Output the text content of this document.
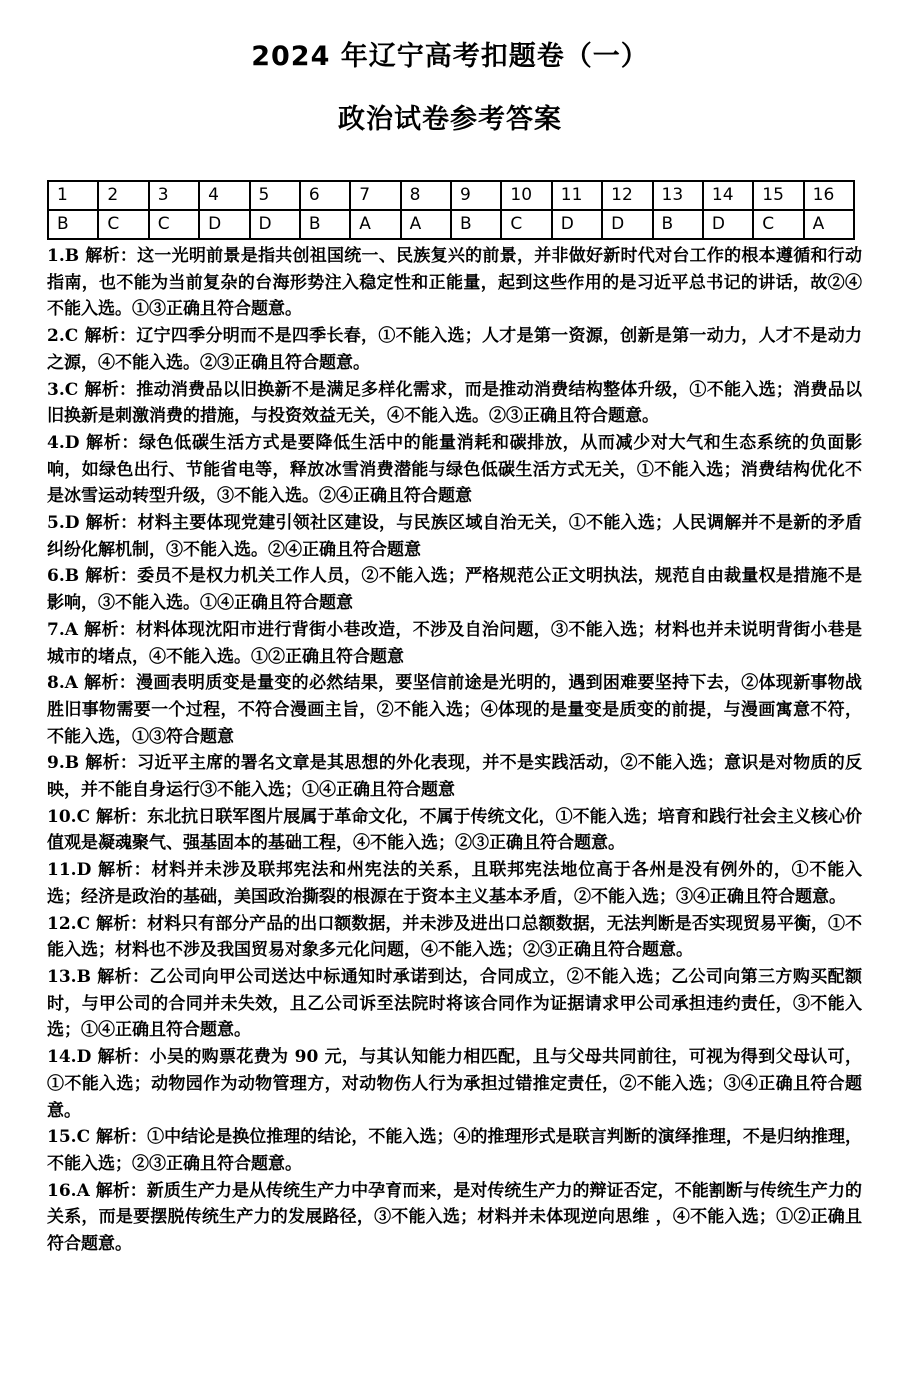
2024 年辽宁高考扣题卷（一）
政治试卷参考答案
1	2	3	4	5	6	7	8	9	10	11	12	13	14	15	16
B	C	C	D	D	B	A	A	B	C	D	D	B	D	C	A

1.B 解析：这一光明前景是指共创祖国统一、民族复兴的前景，并非做好新时代对台工作的根本遵循和行动指南，也不能为当前复杂的台海形势注入稳定性和正能量，起到这些作用的是习近平总书记的讲话，故②④不能入选。①③正确且符合题意。

2.C 解析：辽宁四季分明而不是四季长春，①不能入选；人才是第一资源，创新是第一动力，人才不是动力之源，④不能入选。②③正确且符合题意。

3.C 解析：推动消费品以旧换新不是满足多样化需求，而是推动消费结构整体升级，①不能入选；消费品以旧换新是刺激消费的措施，与投资效益无关，④不能入选。②③正确且符合题意。

4.D 解析：绿色低碳生活方式是要降低生活中的能量消耗和碳排放，从而减少对大气和生态系统的负面影响，如绿色出行、节能省电等，释放冰雪消费潜能与绿色低碳生活方式无关，①不能入选；消费结构优化不是冰雪运动转型升级，③不能入选。②④正确且符合题意

5.D 解析：材料主要体现党建引领社区建设，与民族区域自治无关，①不能入选；人民调解并不是新的矛盾纠纷化解机制，③不能入选。②④正确且符合题意

6.B 解析：委员不是权力机关工作人员，②不能入选；严格规范公正文明执法，规范自由裁量权是措施不是影响，③不能入选。①④正确且符合题意

7.A 解析：材料体现沈阳市进行背街小巷改造，不涉及自治问题，③不能入选；材料也并未说明背街小巷是城市的堵点，④不能入选。①②正确且符合题意

8.A 解析：漫画表明质变是量变的必然结果，要坚信前途是光明的，遇到困难要坚持下去，②体现新事物战胜旧事物需要一个过程，不符合漫画主旨，②不能入选；④体现的是量变是质变的前提，与漫画寓意不符，不能入选，①③符合题意

9.B 解析：习近平主席的署名文章是其思想的外化表现，并不是实践活动，②不能入选；意识是对物质的反映，并不能自身运行③不能入选；①④正确且符合题意

10.C 解析：东北抗日联军图片展属于革命文化，不属于传统文化，①不能入选；培育和践行社会主义核心价值观是凝魂聚气、强基固本的基础工程，④不能入选；②③正确且符合题意。

11.D 解析：材料并未涉及联邦宪法和州宪法的关系，且联邦宪法地位高于各州是没有例外的，①不能入选；经济是政治的基础，美国政治撕裂的根源在于资本主义基本矛盾，②不能入选；③④正确且符合题意。

12.C 解析：材料只有部分产品的出口额数据，并未涉及进出口总额数据，无法判断是否实现贸易平衡，①不能入选；材料也不涉及我国贸易对象多元化问题，④不能入选；②③正确且符合题意。

13.B 解析：乙公司向甲公司送达中标通知时承诺到达，合同成立，②不能入选；乙公司向第三方购买配额时，与甲公司的合同并未失效，且乙公司诉至法院时将该合同作为证据请求甲公司承担违约责任，③不能入选；①④正确且符合题意。

14.D 解析：小吴的购票花费为 90 元，与其认知能力相匹配，且与父母共同前往，可视为得到父母认可，①不能入选；动物园作为动物管理方，对动物伤人行为承担过错推定责任，②不能入选；③④正确且符合题意。

15.C 解析：①中结论是换位推理的结论，不能入选；④的推理形式是联言判断的演绎推理，不是归纳推理，不能入选；②③正确且符合题意。

16.A 解析：新质生产力是从传统生产力中孕育而来，是对传统生产力的辩证否定，不能割断与传统生产力的关系，而是要摆脱传统生产力的发展路径，③不能入选；材料并未体现逆向思维 ，④不能入选；①②正确且符合题意。
